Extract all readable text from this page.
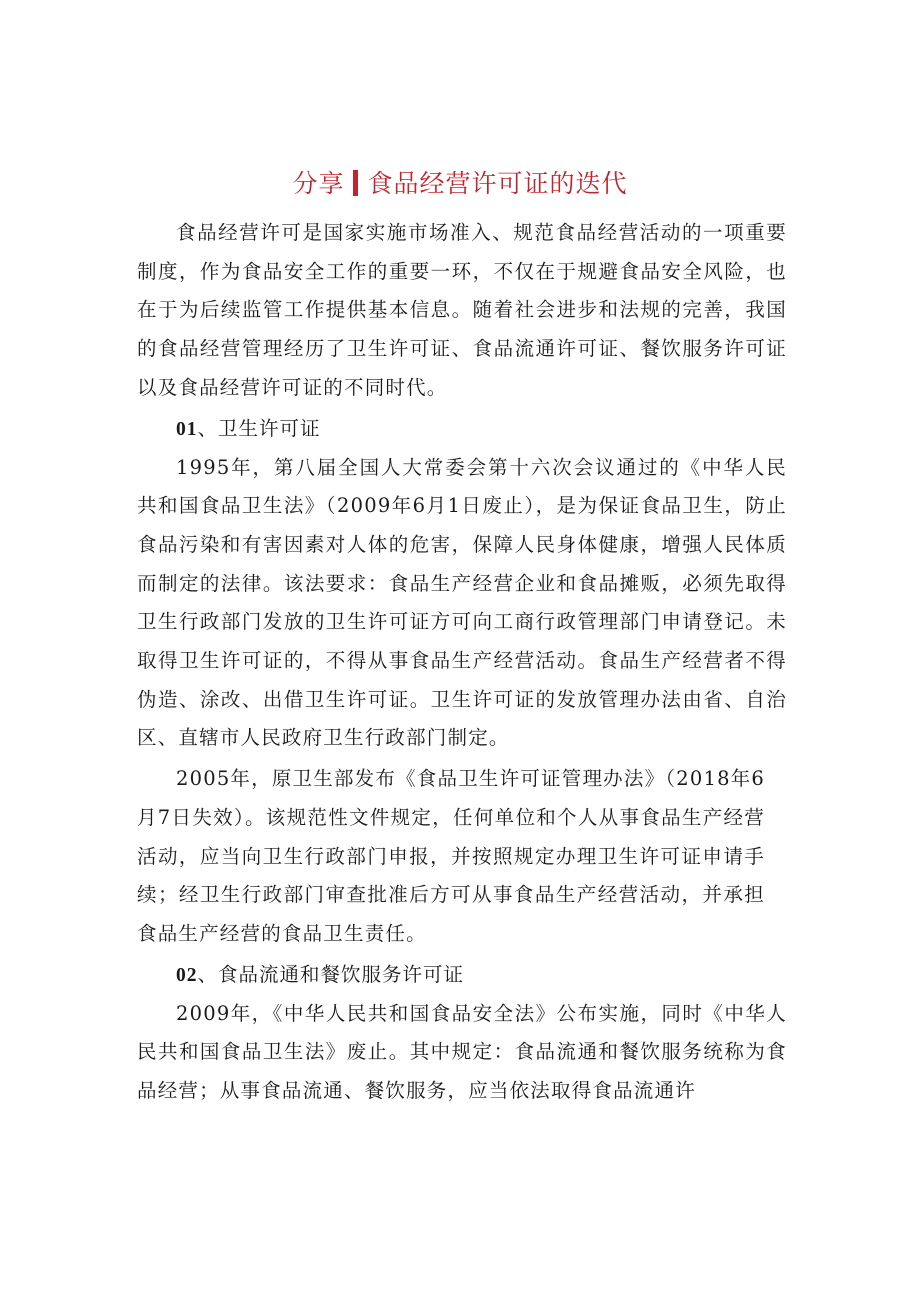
分享 食品经营许可证的迭代

食品经营许可是国家实施市场准入、规范食品经营活动的一项重要制度，作为食品安全工作的重要一环，不仅在于规避食品安全风险，也在于为后续监管工作提供基本信息。随着社会进步和法规的完善，我国的食品经营管理经历了卫生许可证、食品流通许可证、餐饮服务许可证以及食品经营许可证的不同时代。

01、卫生许可证

1995年，第八届全国人大常委会第十六次会议通过的《中华人民共和国食品卫生法》（2009年6月1日废止），是为保证食品卫生，防止食品污染和有害因素对人体的危害，保障人民身体健康，增强人民体质而制定的法律。该法要求：食品生产经营企业和食品摊贩，必须先取得卫生行政部门发放的卫生许可证方可向工商行政管理部门申请登记。未取得卫生许可证的，不得从事食品生产经营活动。食品生产经营者不得伪造、涂改、出借卫生许可证。卫生许可证的发放管理办法由省、自治区、直辖市人民政府卫生行政部门制定。

2005年，原卫生部发布《食品卫生许可证管理办法》（2018年6月7日失效）。该规范性文件规定，任何单位和个人从事食品生产经营活动，应当向卫生行政部门申报，并按照规定办理卫生许可证申请手续；经卫生行政部门审查批准后方可从事食品生产经营活动，并承担食品生产经营的食品卫生责任。

02、食品流通和餐饮服务许可证

2009年，《中华人民共和国食品安全法》公布实施，同时《中华人民共和国食品卫生法》废止。其中规定：食品流通和餐饮服务统称为食品经营；从事食品流通、餐饮服务，应当依法取得食品流通许
